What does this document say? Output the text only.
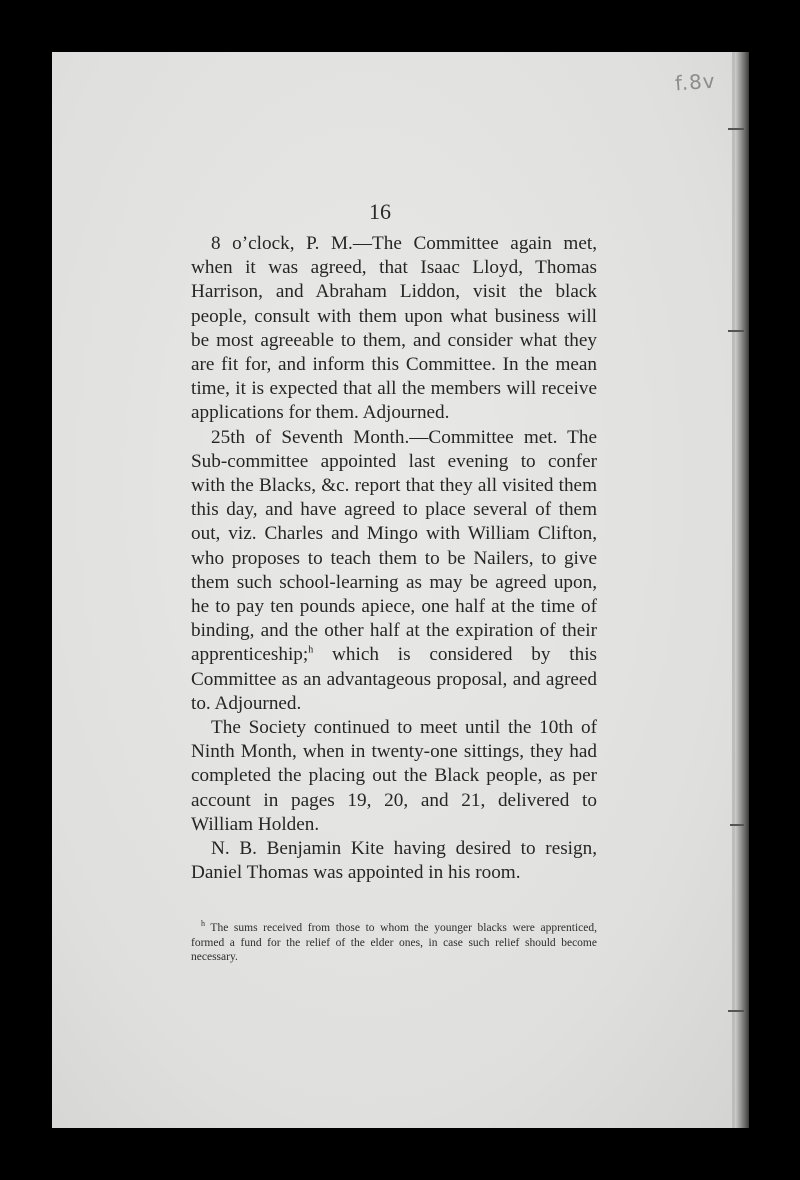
f.8v
16

8 o’clock, P. M.—The Committee again met, when it was agreed, that Isaac Lloyd, Thomas Harrison, and Abraham Liddon, visit the black people, consult with them upon what business will be most agreeable to them, and consider what they are fit for, and inform this Committee. In the mean time, it is expected that all the members will receive applications for them. Adjourned.

25th of Seventh Month.—Committee met. The Sub-committee appointed last evening to confer with the Blacks, &c. report that they all visited them this day, and have agreed to place several of them out, viz. Charles and Mingo with William Clifton, who proposes to teach them to be Nailers, to give them such school-learning as may be agreed upon, he to pay ten pounds apiece, one half at the time of binding, and the other half at the expiration of their apprenticeship;$^h$ which is considered by this Committee as an advantageous proposal, and agreed to. Adjourned.

The Society continued to meet until the 10th of Ninth Month, when in twenty-one sittings, they had completed the placing out the Black people, as per account in pages 19, 20, and 21, delivered to William Holden.

N. B. Benjamin Kite having desired to resign, Daniel Thomas was appointed in his room.

$^h$ The sums received from those to whom the younger blacks were apprenticed, formed a fund for the relief of the elder ones, in case such relief should become necessary.
